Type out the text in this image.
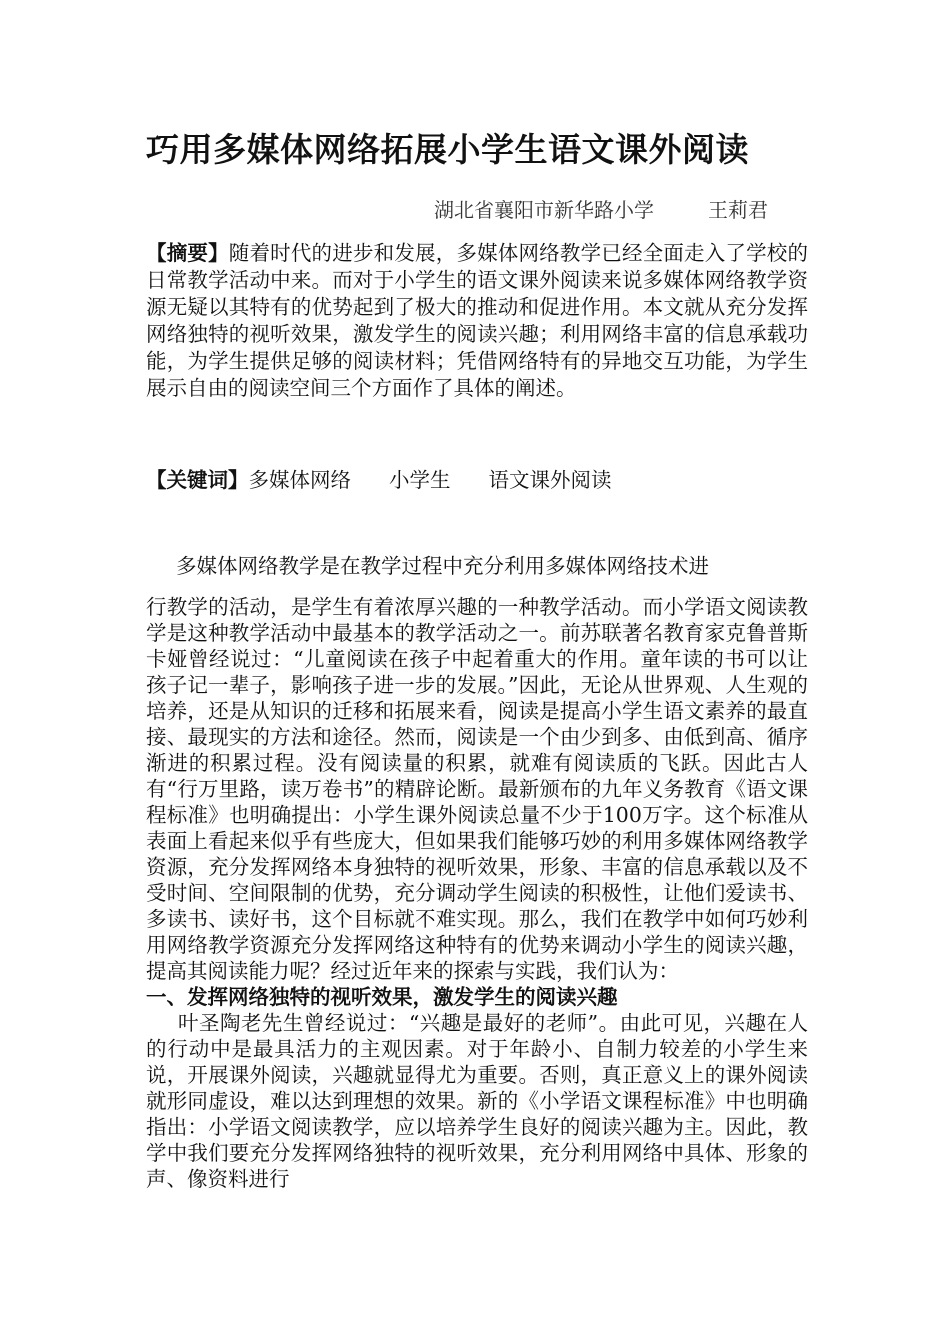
巧用多媒体网络拓展小学生语文课外阅读
湖北省襄阳市新华路小学	王莉君
【摘要】随着时代的进步和发展，多媒体网络教学已经全面走入了学校的日常教学活动中来。而对于小学生的语文课外阅读来说多媒体网络教学资源无疑以其特有的优势起到了极大的推动和促进作用。本文就从充分发挥网络独特的视听效果，激发学生的阅读兴趣；利用网络丰富的信息承载功能，为学生提供足够的阅读材料；凭借网络特有的异地交互功能，为学生展示自由的阅读空间三个方面作了具体的阐述。
【关键词】多媒体网络 小学生 语文课外阅读
多媒体网络教学是在教学过程中充分利用多媒体网络技术进

行教学的活动，是学生有着浓厚兴趣的一种教学活动。而小学语文阅读教学是这种教学活动中最基本的教学活动之一。前苏联著名教育家克鲁普斯卡娅曾经说过：“儿童阅读在孩子中起着重大的作用。童年读的书可以让孩子记一辈子，影响孩子进一步的发展。”因此，无论从世界观、人生观的培养，还是从知识的迁移和拓展来看，阅读是提高小学生语文素养的最直接、最现实的方法和途径。然而，阅读是一个由少到多、由低到高、循序渐进的积累过程。没有阅读量的积累，就难有阅读质的飞跃。因此古人有“行万里路，读万卷书”的精辟论断。最新颁布的九年义务教育《语文课程标准》也明确提出：小学生课外阅读总量不少于100万字。这个标准从表面上看起来似乎有些庞大，但如果我们能够巧妙的利用多媒体网络教学资源，充分发挥网络本身独特的视听效果，形象、丰富的信息承载以及不受时间、空间限制的优势，充分调动学生阅读的积极性，让他们爱读书、多读书、读好书，这个目标就不难实现。那么，我们在教学中如何巧妙利用网络教学资源充分发挥网络这种特有的优势来调动小学生的阅读兴趣，提高其阅读能力呢？经过近年来的探索与实践，我们认为：

一、发挥网络独特的视听效果，激发学生的阅读兴趣

叶圣陶老先生曾经说过：“兴趣是最好的老师”。由此可见，兴趣在人的行动中是最具活力的主观因素。对于年龄小、自制力较差的小学生来说，开展课外阅读，兴趣就显得尤为重要。否则，真正意义上的课外阅读就形同虚设，难以达到理想的效果。新的《小学语文课程标准》中也明确指出：小学语文阅读教学，应以培养学生良好的阅读兴趣为主。因此，教学中我们要充分发挥网络独特的视听效果，充分利用网络中具体、形象的声、像资料进行
